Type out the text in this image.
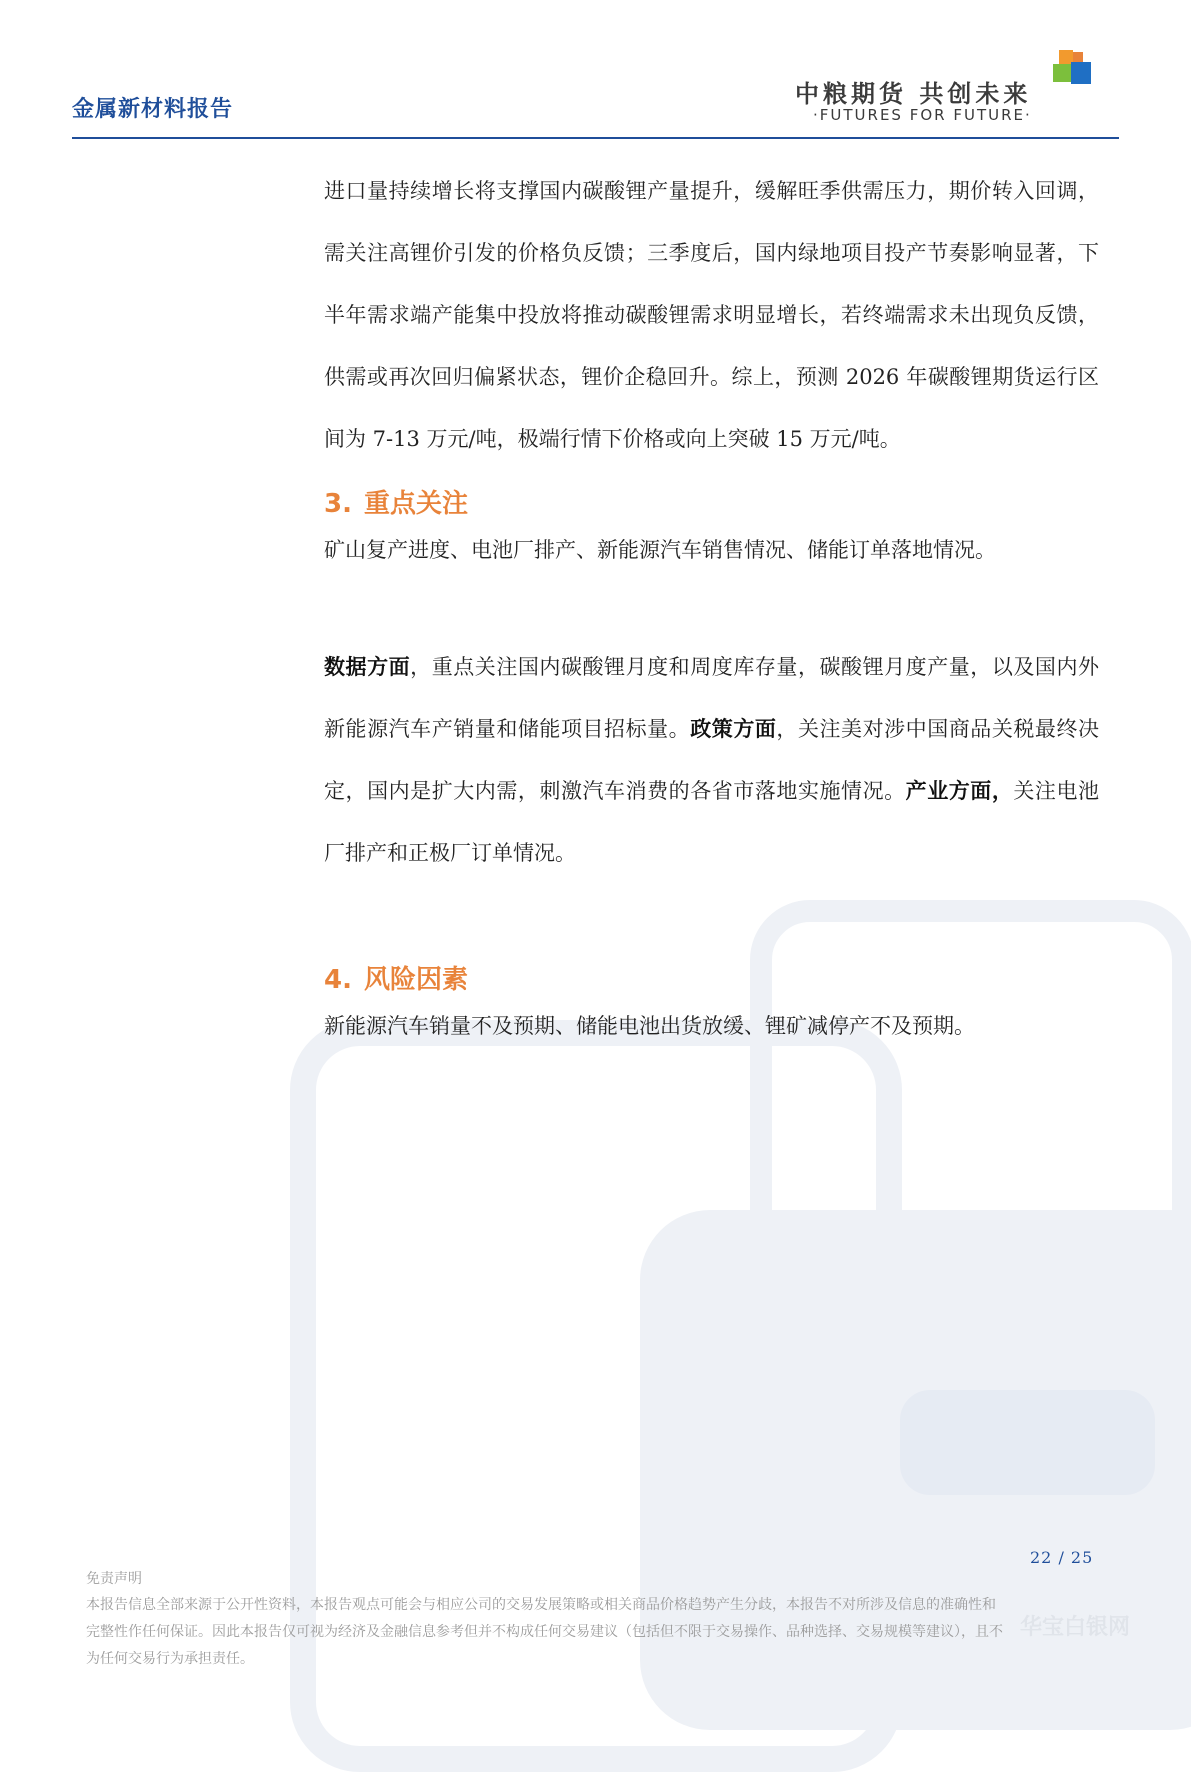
金属新材料报告
中粮期货 共创未来
·FUTURES FOR FUTURE·

进口量持续增长将支撑国内碳酸锂产量提升，缓解旺季供需压力，期价转入回调，需关注高锂价引发的价格负反馈；三季度后，国内绿地项目投产节奏影响显著，下半年需求端产能集中投放将推动碳酸锂需求明显增长，若终端需求未出现负反馈，供需或再次回归偏紧状态，锂价企稳回升。综上，预测 2026 年碳酸锂期货运行区间为 7-13 万元/吨，极端行情下价格或向上突破 15 万元/吨。

3. 重点关注

矿山复产进度、电池厂排产、新能源汽车销售情况、储能订单落地情况。

数据方面，重点关注国内碳酸锂月度和周度库存量，碳酸锂月度产量，以及国内外新能源汽车产销量和储能项目招标量。政策方面，关注美对涉中国商品关税最终决定，国内是扩大内需，刺激汽车消费的各省市落地实施情况。产业方面，关注电池厂排产和正极厂订单情况。

4. 风险因素

新能源汽车销量不及预期、储能电池出货放缓、锂矿减停产不及预期。

22 / 25
免责声明
本报告信息全部来源于公开性资料，本报告观点可能会与相应公司的交易发展策略或相关商品价格趋势产生分歧，本报告不对所涉及信息的准确性和
完整性作任何保证。因此本报告仅可视为经济及金融信息参考但并不构成任何交易建议（包括但不限于交易操作、品种选择、交易规模等建议），且不
为任何交易行为承担责任。
华宝白银网
